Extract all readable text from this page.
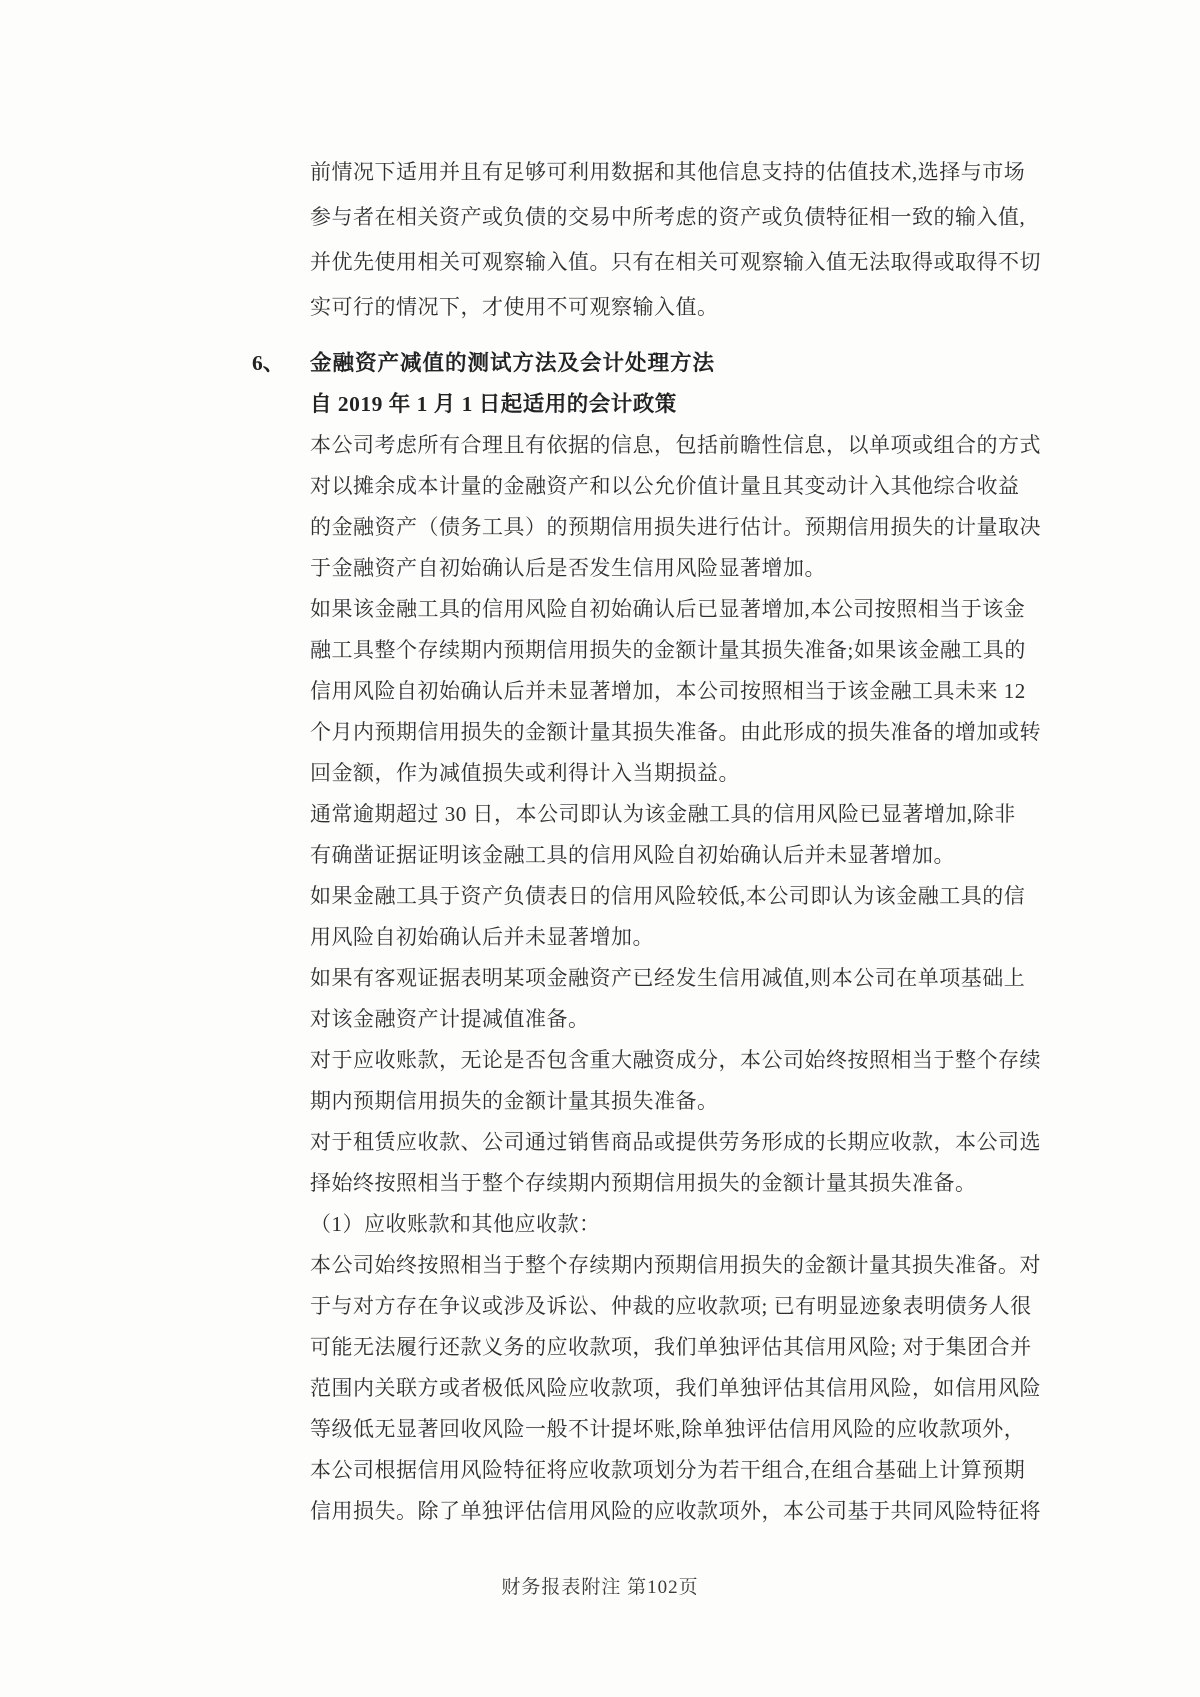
前情况下适用并且有足够可利用数据和其他信息支持的估值技术,选择与市场
参与者在相关资产或负债的交易中所考虑的资产或负债特征相一致的输入值,
并优先使用相关可观察输入值。只有在相关可观察输入值无法取得或取得不切
实可行的情况下，才使用不可观察输入值。
6、 金融资产减值的测试方法及会计处理方法
自 2019 年 1 月 1 日起适用的会计政策
本公司考虑所有合理且有依据的信息，包括前瞻性信息，以单项或组合的方式
对以摊余成本计量的金融资产和以公允价值计量且其变动计入其他综合收益
的金融资产（债务工具）的预期信用损失进行估计。预期信用损失的计量取决
于金融资产自初始确认后是否发生信用风险显著增加。
如果该金融工具的信用风险自初始确认后已显著增加,本公司按照相当于该金
融工具整个存续期内预期信用损失的金额计量其损失准备;如果该金融工具的
信用风险自初始确认后并未显著增加，本公司按照相当于该金融工具未来 12
个月内预期信用损失的金额计量其损失准备。由此形成的损失准备的增加或转
回金额，作为减值损失或利得计入当期损益。
通常逾期超过 30 日，本公司即认为该金融工具的信用风险已显著增加,除非
有确凿证据证明该金融工具的信用风险自初始确认后并未显著增加。
如果金融工具于资产负债表日的信用风险较低,本公司即认为该金融工具的信
用风险自初始确认后并未显著增加。
如果有客观证据表明某项金融资产已经发生信用减值,则本公司在单项基础上
对该金融资产计提减值准备。
对于应收账款，无论是否包含重大融资成分，本公司始终按照相当于整个存续
期内预期信用损失的金额计量其损失准备。
对于租赁应收款、公司通过销售商品或提供劳务形成的长期应收款，本公司选
择始终按照相当于整个存续期内预期信用损失的金额计量其损失准备。
（1）应收账款和其他应收款：
本公司始终按照相当于整个存续期内预期信用损失的金额计量其损失准备。对
于与对方存在争议或涉及诉讼、仲裁的应收款项; 已有明显迹象表明债务人很
可能无法履行还款义务的应收款项，我们单独评估其信用风险; 对于集团合并
范围内关联方或者极低风险应收款项，我们单独评估其信用风险，如信用风险
等级低无显著回收风险一般不计提坏账,除单独评估信用风险的应收款项外，
本公司根据信用风险特征将应收款项划分为若干组合,在组合基础上计算预期
信用损失。除了单独评估信用风险的应收款项外，本公司基于共同风险特征将
财务报表附注 第102页
